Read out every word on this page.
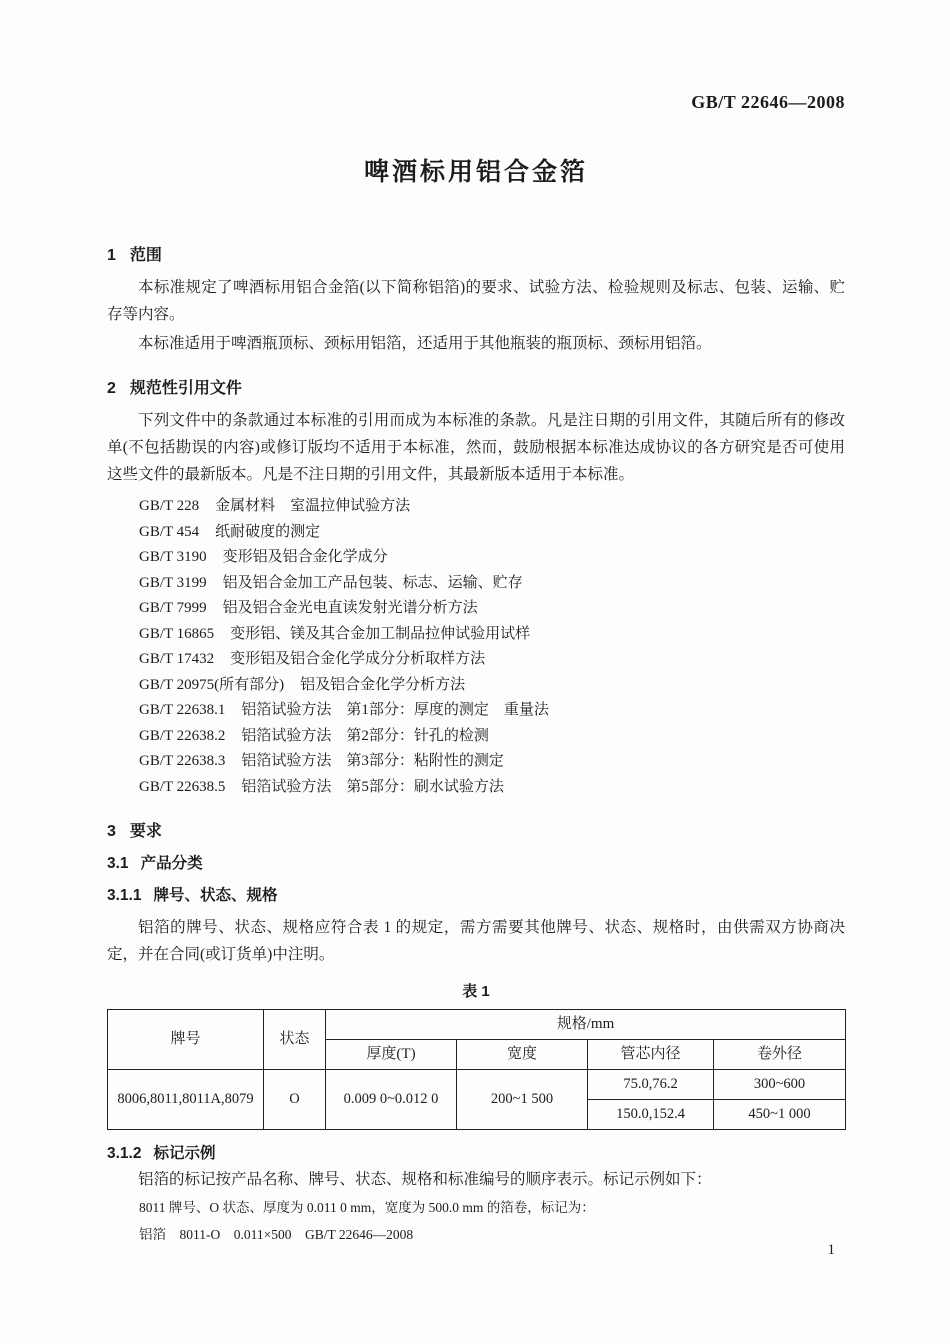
GB/T 22646—2008
啤酒标用铝合金箔
1 范围

本标准规定了啤酒标用铝合金箔(以下简称铝箔)的要求、试验方法、检验规则及标志、包装、运输、贮存等内容。

本标准适用于啤酒瓶顶标、颈标用铝箔，还适用于其他瓶装的瓶顶标、颈标用铝箔。

2 规范性引用文件

下列文件中的条款通过本标准的引用而成为本标准的条款。凡是注日期的引用文件，其随后所有的修改单(不包括勘误的内容)或修订版均不适用于本标准，然而，鼓励根据本标准达成协议的各方研究是否可使用这些文件的最新版本。凡是不注日期的引用文件，其最新版本适用于本标准。

GB/T 228 金属材料　室温拉伸试验方法
GB/T 454 纸耐破度的测定
GB/T 3190 变形铝及铝合金化学成分
GB/T 3199 铝及铝合金加工产品包装、标志、运输、贮存
GB/T 7999 铝及铝合金光电直读发射光谱分析方法
GB/T 16865 变形铝、镁及其合金加工制品拉伸试验用试样
GB/T 17432 变形铝及铝合金化学成分分析取样方法
GB/T 20975(所有部分) 铝及铝合金化学分析方法
GB/T 22638.1 铝箔试验方法　第1部分：厚度的测定　重量法
GB/T 22638.2 铝箔试验方法　第2部分：针孔的检测
GB/T 22638.3 铝箔试验方法　第3部分：粘附性的测定
GB/T 22638.5 铝箔试验方法　第5部分：刷水试验方法
3 要求
3.1 产品分类
3.1.1 牌号、状态、规格

铝箔的牌号、状态、规格应符合表 1 的规定，需方需要其他牌号、状态、规格时，由供需双方协商决定，并在合同(或订货单)中注明。

表 1
牌号	状态	规格/mm			
		厚度(T)	宽度	管芯内径	卷外径
8006,8011,8011A,8079	O	0.009 0~0.012 0	200~1 500	75.0,76.2	300~600
				150.0,152.4	450~1 000
3.1.2 标记示例

铝箔的标记按产品名称、牌号、状态、规格和标准编号的顺序表示。标记示例如下：

8011 牌号、O 状态、厚度为 0.011 0 mm，宽度为 500.0 mm 的箔卷，标记为：
铝箔　8011-O　0.011×500　GB/T 22646—2008
1
